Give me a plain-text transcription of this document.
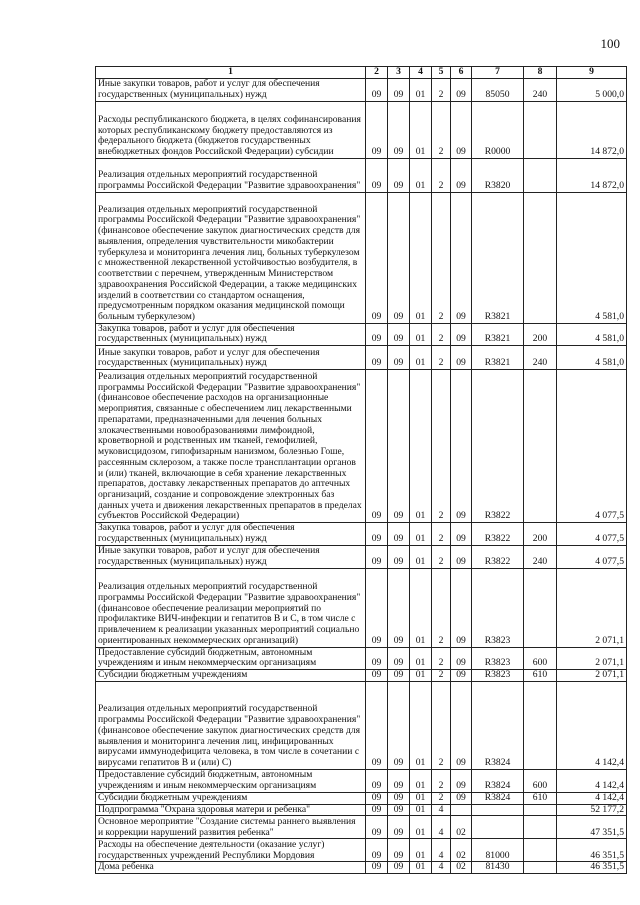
100
1	2	3	4	5	6	7	8	9
Иные закупки товаров, работ и услуг для обеспечения государственных (муниципальных) нужд	09	09	01	2	09	85050	240	5 000,0
Расходы республиканского бюджета, в целях софинансирования которых республиканскому бюджету предоставляются из федерального бюджета (бюджетов государственных внебюджетных фондов Российской Федерации) субсидии	09	09	01	2	09	R0000		14 872,0
Реализация отдельных мероприятий государственной программы Российской Федерации "Развитие здравоохранения"	09	09	01	2	09	R3820		14 872,0
Реализация отдельных мероприятий государственной программы Российской Федерации "Развитие здравоохранения" (финансовое обеспечение закупок диагностических средств для выявления, определения чувствительности микобактерии туберкулеза и мониторинга лечения лиц, больных туберкулезом с множественной лекарственной устойчивостью возбудителя, в соответствии с перечнем, утвержденным Министерством здравоохранения Российской Федерации, а также медицинских изделий в соответствии со стандартом оснащения, предусмотренным порядком оказания медицинской помощи больным туберкулезом)	09	09	01	2	09	R3821		4 581,0
Закупка товаров, работ и услуг для обеспечения государственных (муниципальных) нужд	09	09	01	2	09	R3821	200	4 581,0
Иные закупки товаров, работ и услуг для обеспечения государственных (муниципальных) нужд	09	09	01	2	09	R3821	240	4 581,0
Реализация отдельных мероприятий государственной программы Российской Федерации "Развитие здравоохранения" (финансовое обеспечение расходов на организационные мероприятия, связанные с обеспечением лиц лекарственными препаратами, предназначенными для лечения больных злокачественными новообразованиями лимфоидной, кроветворной и родственных им тканей, гемофилией, муковисцидозом, гипофизарным нанизмом, болезнью Гоше, рассеянным склерозом, а также после трансплантации органов и (или) тканей, включающие в себя хранение лекарственных препаратов, доставку лекарственных препаратов до аптечных организаций, создание и сопровождение электронных баз данных учета и движения лекарственных препаратов в пределах субъектов Российской Федерации)	09	09	01	2	09	R3822		4 077,5
Закупка товаров, работ и услуг для обеспечения государственных (муниципальных) нужд	09	09	01	2	09	R3822	200	4 077,5
Иные закупки товаров, работ и услуг для обеспечения государственных (муниципальных) нужд	09	09	01	2	09	R3822	240	4 077,5
Реализация отдельных мероприятий государственной программы Российской Федерации "Развитие здравоохранения" (финансовое обеспечение реализации мероприятий по профилактике ВИЧ-инфекции и гепатитов В и С, в том числе с привлечением к реализации указанных мероприятий социально ориентированных некоммерческих организаций)	09	09	01	2	09	R3823		2 071,1
Предоставление субсидий бюджетным, автономным учреждениям и иным некоммерческим организациям	09	09	01	2	09	R3823	600	2 071,1
Субсидии бюджетным учреждениям	09	09	01	2	09	R3823	610	2 071,1
Реализация отдельных мероприятий государственной программы Российской Федерации "Развитие здравоохранения" (финансовое обеспечение закупок диагностических средств для выявления и мониторинга лечения лиц, инфицированных вирусами иммунодефицита человека, в том числе в сочетании с вирусами гепатитов В и (или) С)	09	09	01	2	09	R3824		4 142,4
Предоставление субсидий бюджетным, автономным учреждениям и иным некоммерческим организациям	09	09	01	2	09	R3824	600	4 142,4
Субсидии бюджетным учреждениям	09	09	01	2	09	R3824	610	4 142,4
Подпрограмма "Охрана здоровья матери и ребенка"	09	09	01	4				52 177,2
Основное мероприятие "Создание системы раннего выявления и коррекции нарушений развития ребенка"	09	09	01	4	02			47 351,5
Расходы на обеспечение деятельности (оказание услуг) государственных учреждений Республики Мордовия	09	09	01	4	02	81000		46 351,5
Дома ребенка	09	09	01	4	02	81430		46 351,5
